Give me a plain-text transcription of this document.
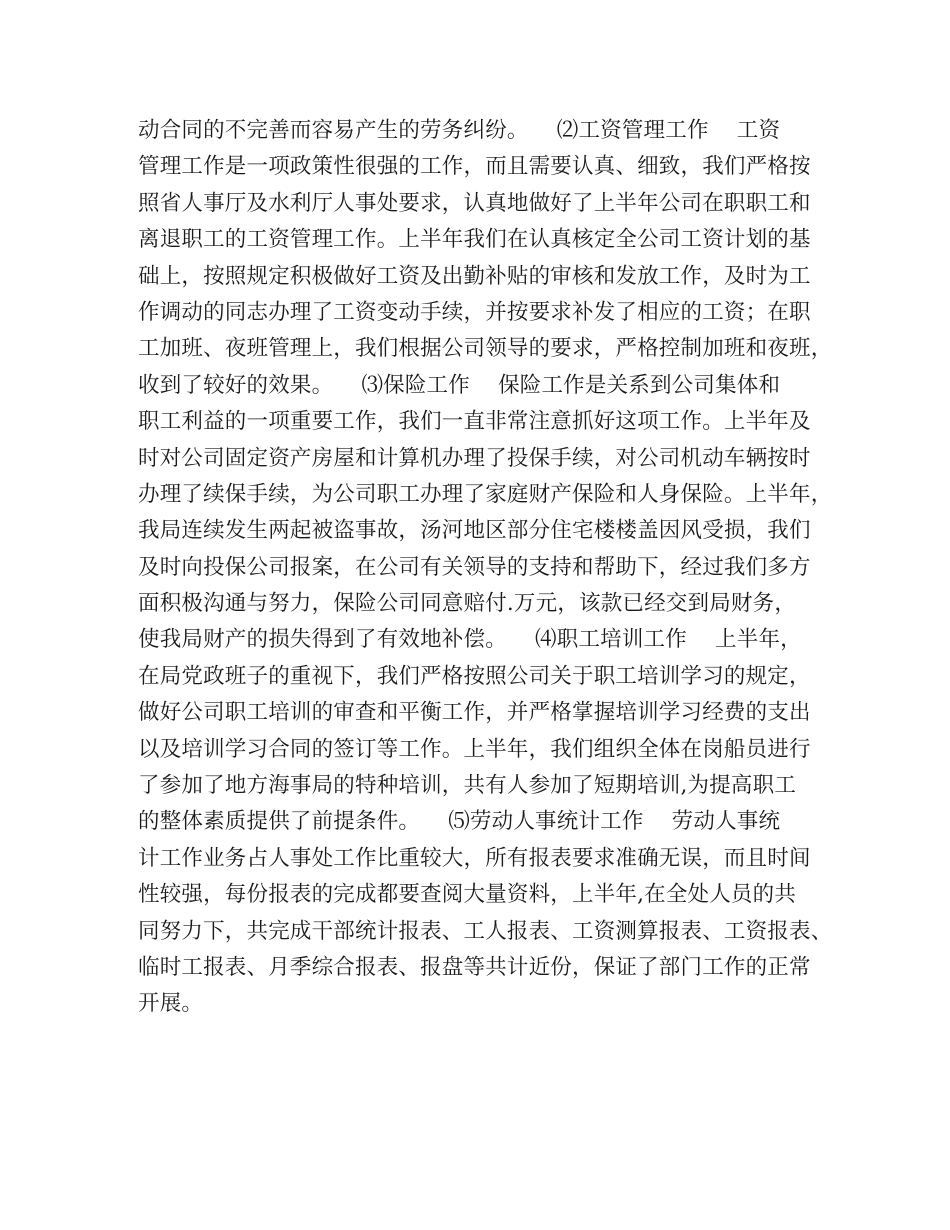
动合同的不完善而容易产生的劳务纠纷。    ⑵工资管理工作    工资
管理工作是一项政策性很强的工作，而且需要认真、细致，我们严格按
照省人事厅及水利厅人事处要求，认真地做好了上半年公司在职职工和
离退职工的工资管理工作。上半年我们在认真核定全公司工资计划的基
础上，按照规定积极做好工资及出勤补贴的审核和发放工作，及时为工
作调动的同志办理了工资变动手续，并按要求补发了相应的工资；在职
工加班、夜班管理上，我们根据公司领导的要求，严格控制加班和夜班，
收到了较好的效果。    ⑶保险工作    保险工作是关系到公司集体和
职工利益的一项重要工作，我们一直非常注意抓好这项工作。上半年及
时对公司固定资产房屋和计算机办理了投保手续，对公司机动车辆按时
办理了续保手续，为公司职工办理了家庭财产保险和人身保险。上半年，
我局连续发生两起被盗事故，汤河地区部分住宅楼楼盖因风受损，我们
及时向投保公司报案，在公司有关领导的支持和帮助下，经过我们多方
面积极沟通与努力，保险公司同意赔付.万元，该款已经交到局财务，
使我局财产的损失得到了有效地补偿。    ⑷职工培训工作    上半年，
在局党政班子的重视下，我们严格按照公司关于职工培训学习的规定，
做好公司职工培训的审查和平衡工作，并严格掌握培训学习经费的支出
以及培训学习合同的签订等工作。上半年，我们组织全体在岗船员进行
了参加了地方海事局的特种培训，共有人参加了短期培训,为提高职工
的整体素质提供了前提条件。    ⑸劳动人事统计工作    劳动人事统
计工作业务占人事处工作比重较大，所有报表要求准确无误，而且时间
性较强，每份报表的完成都要查阅大量资料，上半年,在全处人员的共
同努力下，共完成干部统计报表、工人报表、工资测算报表、工资报表、
临时工报表、月季综合报表、报盘等共计近份，保证了部门工作的正常
开展。
